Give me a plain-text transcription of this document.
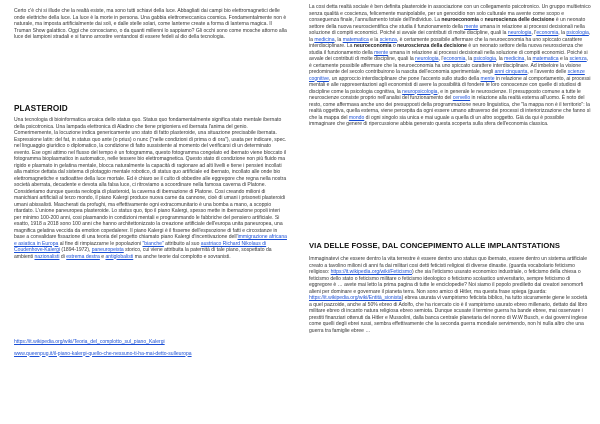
Certo c'è chi si illude che la realtà esiste, ma sono tutti schiavi della luce. Abbagliati dai campi bio elettromagnetici delle onde elettriche della luce. La luce è la morte in persona. Una gabbia elettromeccanica cosmica. Fondamentalmente non è naturale, ma imposta artificialmente dai soli, e dalle stelle solari, come lanterne create a forma di lanterna magica. Il Truman Show galattico. Oggi che conosciamo, o da quanti millenni lo sappiamo? Gli occhi sono come mosche attorno alla luce dei lampioni stradali e si fanno arrostire ventandosi di essere fedeli al dio della tecnologia.

PLASTEROID

Una tecnologia di bioinformatica arcaica dello status quo. Status quo fondamentalmente significa stato mentale ibernato della psicotronica. Una lampada elettronica di Aladino che tiene prigioniera ed ibernata l'anima del genio. Comerimemente, la locuzione indica genericamente uno stato di fatto plasteroide, una situazione precisabile ibernata. Espressione latin: del fat, in status quo ante (o prius) o nunc ("nelle condizioni di prima o di ora"), usata per indicare, spec. nel linguaggio giuridico o diplomatico, la condizione di fatto sussistente al momento del verificarsi di un determinato evento. Ese ogni attimo nel flusso del tempo è un fotogramma, questo fotogramma congelato ed ibernato viene bloccato il fotogramma bioplasmatico in automatico, nelle tessere bio elettromagnetica. Questo stato di condizione non più fluido ma rigido e plasmato in gelatina mentale, blocca naturalmente la capacità di ragionare ad alti livelli e tiene i pensieri incollati alla matrice dettata dal sistema di plotaggio mentale robotico, di status quo artificiale ed ibernato, incollato alle onde bio elettromagnetiche e radioattive della luce mortale. Ed è chiaro se il culto di obbedire alle eggregore che regna nella nostra società aberrata, decadente e devota alla falsa luce, ci ritroviamo a scoordinare nella famosa caverna di Platone. Consideriamo dunque questa neologia di plasteroid, la caverna di ibernazione di Platone. Cosi creando milioni di manichiani artificiali al terzo mondo, il piano Kalergi produce nuova carne da cannone, cioè di umani i prisoneti plasteroidi umani abissalisti. Mascherati da profughi, ma effettivamente ogni extracomunitario è una bomba a mano, a scoppio ritardato. L'unione paneuropea plasteroide. Lo status quo, tipo il piano Kalergi, spesso mette in ibernazione popoli interi per minimo 100-200 anni, cosi plasmando in condizioni mentali e programmando le fabbriche del pensiero artificiale. Si esatto, 1918 a 2018 sono 100 anni che hanno architettonizzato la creazione artificiale dell'europa unita paneuropea, una magnifica gelatina veccida da emotion copedalerer. Il piano Kalergi è il fisseme dell'espsozione di fatti e circostanze in base a convalidare fissazione di una teoria del progetto chiamato piano Kalergi d'incentivazione dell'immigrazione africana e asiatica in Europa al fine di rimpiazzarne le popolazioni "bianche" attribuito al suo austriaco Richard Nikolaus di Coudenhove-Kalergi (1894-1972), paneuropeista storico, cui viene attribuita la paternità di tale piano, sospettato da ambienti nazionalisti di estrema destra e antiglobalisti ma anche teorie dal complotto e sovranisti.

https://it.wikipedia.org/wiki/Teoria_del_complotto_sul_piano_Kalergi

www.queenpug.it/il-piano-kalergi-quello-che-nessuno-ti-ha-mai-detto-sulleuropa

La cosi detta realtà sociale è ben definita plasteroide in associazione con un collegamento psicotronico. Un gruppo multietnico senza qualità e coscienza, felicemente manipolabile, per un genocidio non solo culturale ma avente come scopo e conseguenza finale, l'annullamento totale dell'individuo. La neuroeconomia o neuroscienza delle decisione è un neonato settore della nuova neuroscientifica che studia il funzionamento della mente umana in relazione ai processi decisionali nella soluzione di compiti economici. Poiché si avvale dei contributi di molte discipline, quali la neurologia, l'economia, la psicologia, la medicina, la matematica e la scienza, è certamente possibile affermare che la neuroeconomia ha uno spiccato carattere interdisciplinare. La neuroeconomia o neuroscienza della decisione è un neonato settore della nuova neuroscienza che studia il funzionamento della mente umana in relazione ai processi decisionali nella soluzione di compiti economici. Poiché si avvale dei contributi di molte discipline, quali la neurologia, l'economia, la psicologia, la medicina, la matematica e la scienza, è certamente possibile affermare che la neuroeconomia ha uno spiccato carattere interdisciplinare. Ad imbeloire la visione predominante del secolo contribuirono la nascita dell'economia sperimentale, negli anni cinquanta, e l'avvento delle scienze cognitive, un approccio interdisciplinare che pone l'accento sullo studio della mente in relazione al comportamento, ai processi mentali e alle rappresentazioni agli economisti di avere la possibilità di fondere le loro conoscenze con quelle di studiosi di discipline come la psicologia cognitiva, la neuropsicologia, e in generale le neuroscienze. Il presupposto comune a tutte le neuroscienze consiste proprio nell'analisi del funzionamento del cervello in relazione alla realtà esterna all'uomo. È noto del resto, come affermava anche uno dei presupposti della programmazione neuro linguistica, che "la mappa non è il territorio": la realtà oggettiva, quella esterna, viene percepita da ogni essere umano attraverso dei processi di interiorizzazione che fanno sì che la mappa del mondo di ogni singolo sia unica e mai uguale a quella di un altro soggetto. Già da qui è possibile immaginare che genere di ripercussione abbia generato questa scoperta sulla sfera dell'economia classica.

VIA DELLE FOSSE, DAL CONCEPIMENTO ALLE IMPLANTSTATIONS

Immaginatevi che essere dentro la vita terrestre è essere dentro uno status quo ibernato, essere dentro un sistema artificiale creato a tavolino milioni di anni fa dai militari cosi detti feticisti religiosi di diverse dinastie. (guarda vocabolario feticismo religioso: https://it.wikipedia.org/wiki/Feticismo) che sia l'eticismo usurato economico industriale, o feticismo della chiesa o feticismo dello stato o feticismo militare o feticismo ideologico o feticismo scolastico universitario, sempre feticismo di eggregore è … avete mai letto la prima pagina di tutte le enciclopedie? Noi siamo il popolo prediletto dai creatori xenomorfi alieni per dominare e governare il pianeta terra. Non sono amico di Hitler, ma questa frase spiega (guarda: https://it.wikipedia.org/wiki/Entità_sionista) ebrea usurata vi vampirismo feticista biblico, ha tutto sicuramente giene le società a quel pazzoide, anche al 50% ebreo di Adolfo, che ha ricercato cio è il vampirismo usurato ebreo millenario, dettato dal libro militare ebreo di incanto natura religiosa ebreo semiota. Dunque scusate il termine guerra ha bande ebree, mai osservare i prestiti finanziari ottenuti da Hitler e Mussolini, dalla banca centrale planetaria del nonno di W.W Busch, e dai governi inglese come quelli degli ebrei russi, sembra effettivamente che la seconda guerra mondiale servimendo, non hi nulla altro che una guerra tra famiglie ebree …
